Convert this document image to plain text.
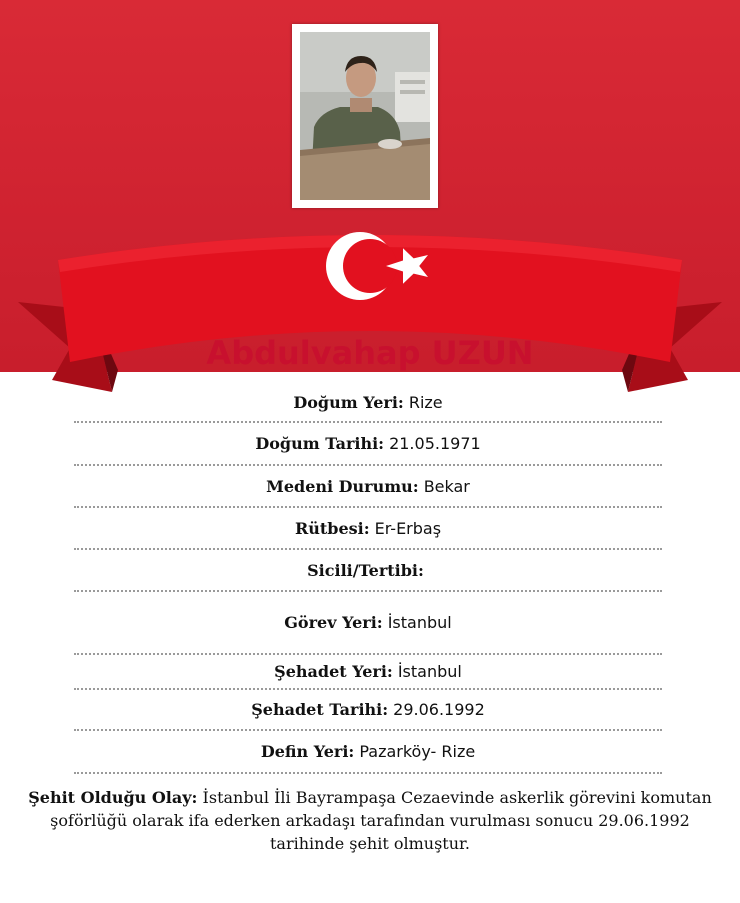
Abdulvahap UZUN
Doğum Yeri: Rize
Doğum Tarihi: 21.05.1971
Medeni Durumu: Bekar
Rütbesi: Er-Erbaş
Sicili/Tertibi:
Görev Yeri: İstanbul
Şehadet Yeri: İstanbul
Şehadet Tarihi: 29.06.1992
Defin Yeri: Pazarköy- Rize
Şehit Olduğu Olay: İstanbul İli Bayrampaşa Cezaevinde askerlik görevini komutan şoförlüğü olarak ifa ederken arkadaşı tarafından vurulması sonucu 29.06.1992 tarihinde şehit olmuştur.
